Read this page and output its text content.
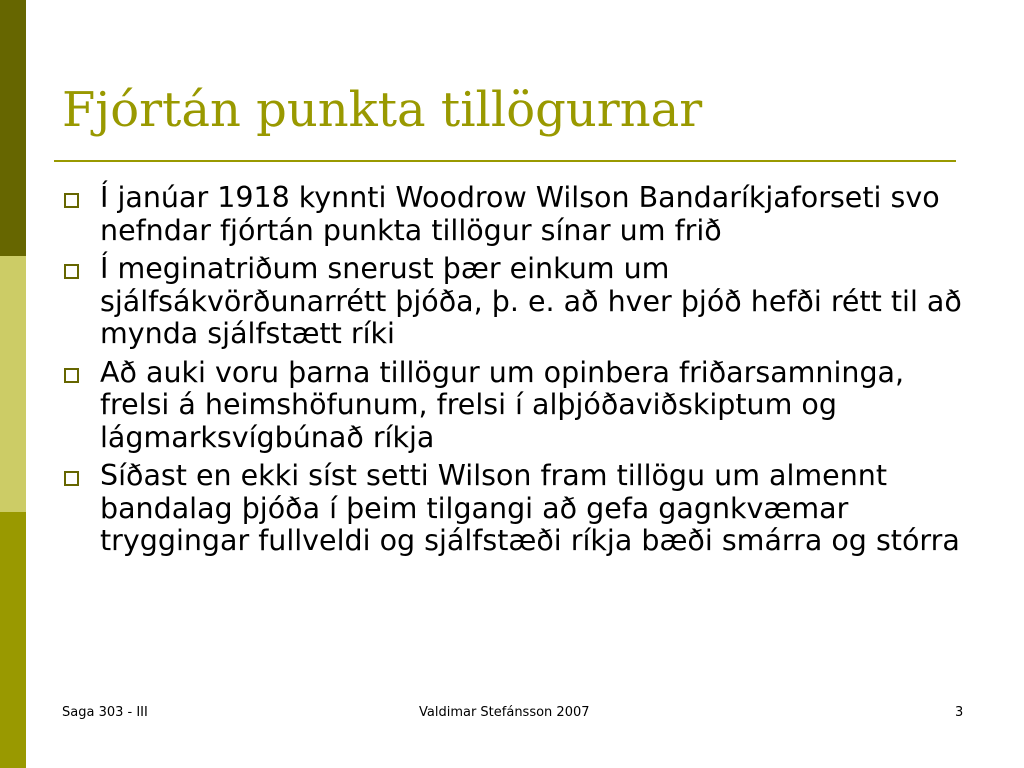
Fjórtán punkta tillögurnar
Í janúar 1918 kynnti Woodrow Wilson Bandaríkjaforseti svo nefndar fjórtán punkta tillögur sínar um frið
Í meginatriðum snerust þær einkum um sjálfsákvörðunarrétt þjóða, þ. e. að hver þjóð hefði rétt til að mynda sjálfstætt ríki
Að auki voru þarna tillögur um opinbera friðarsamninga, frelsi á heimshöfunum, frelsi í alþjóðaviðskiptum og lágmarksvígbúnað ríkja
Síðast en ekki síst setti Wilson fram tillögu um almennt bandalag þjóða í þeim tilgangi að gefa gagnkvæmar tryggingar fullveldi og sjálfstæði ríkja bæði smárra og stórra
Saga 303 - III	Valdimar Stefánsson 2007	3
